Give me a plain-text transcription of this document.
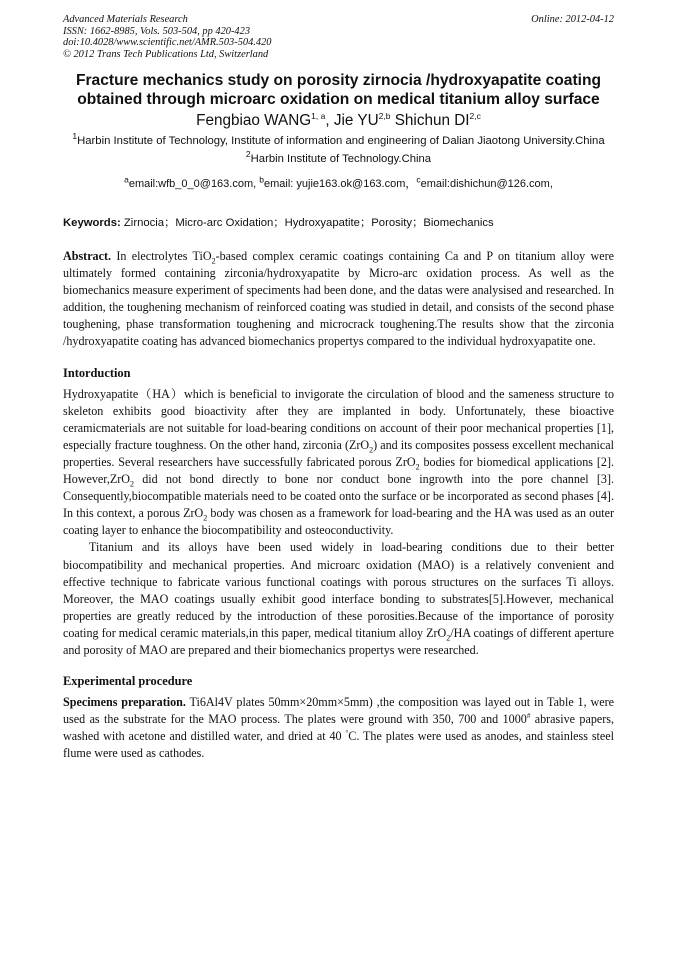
Advanced Materials Research
ISSN: 1662-8985, Vols. 503-504, pp 420-423
doi:10.4028/www.scientific.net/AMR.503-504.420
© 2012 Trans Tech Publications Ltd, Switzerland
Online: 2012-04-12
Fracture mechanics study on porosity zirnocia /hydroxyapatite coating
obtained through microarc oxidation on medical titanium alloy surface
Fengbiao WANG$^{1, a}$, Jie YU$^{2,b}$ Shichun DI$^{2,c}$
$^1$Harbin Institute of Technology, Institute of information and engineering of Dalian Jiaotong University.China
$^2$Harbin Institute of Technology.China
$^a$email:wfb_0_0@163.com, $^b$email: yujie163.ok@163.com，$^c$email:dishichun@126.com,
Keywords: Zirnocia；Micro-arc Oxidation；Hydroxyapatite；Porosity；Biomechanics

Abstract. In electrolytes TiO$_2$-based complex ceramic coatings containing Ca and P on titanium alloy were ultimately formed containing zirconia/hydroxyapatite by Micro-arc oxidation process. As well as the biomechanics measure experiment of speciments had been done, and the datas were analysised and researched. In addition, the toughening mechanism of reinforced coating was studied in detail, and consists of the second phase toughening, phase transformation toughening and microcrack toughening.The results show that the zirconia /hydroxyapatite coating has advanced biomechanics propertys compared to the individual hydroxyapatite one.

Intorduction

Hydroxyapatite（HA）which is beneficial to invigorate the circulation of blood and the sameness structure to skeleton exhibits good bioactivity after they are implanted in body. Unfortunately, these bioactive ceramicmaterials are not suitable for load-bearing conditions on account of their poor mechanical properties [1], especially fracture toughness. On the other hand, zirconia (ZrO$_2$) and its composites possess excellent mechanical properties. Several researchers have successfully fabricated porous ZrO$_2$ bodies for biomedical applications [2]. However,ZrO$_2$ did not bond directly to bone nor conduct bone ingrowth into the pore channel [3]. Consequently,biocompatible materials need to be coated onto the surface or be incorporated as second phases [4]. In this context, a porous ZrO$_2$ body was chosen as a framework for load-bearing and the HA was used as an outer coating layer to enhance the biocompatibility and osteoconductivity.

Titanium and its alloys have been used widely in load-bearing conditions due to their better biocompatibility and mechanical properties. And microarc oxidation (MAO) is a relatively convenient and effective technique to fabricate various functional coatings with porous structures on the surfaces Ti alloys. Moreover, the MAO coatings usually exhibit good interface bonding to substrates[5].However, mechanical properties are greatly reduced by the introduction of these porosities.Because of the importance of porosity coating for medical ceramic materials,in this paper, medical titanium alloy ZrO$_2$/HA coatings of different aperture and porosity of MAO are prepared and their biomechanics propertys were researched.

Experimental procedure

Specimens preparation. Ti6Al4V plates 50mm×20mm×5mm) ,the composition was layed out in Table 1, were used as the substrate for the MAO process. The plates were ground with 350, 700 and 1000# abrasive papers, washed with acetone and distilled water, and dried at 40 °C. The plates were used as anodes, and stainless steel flume were used as cathodes.
